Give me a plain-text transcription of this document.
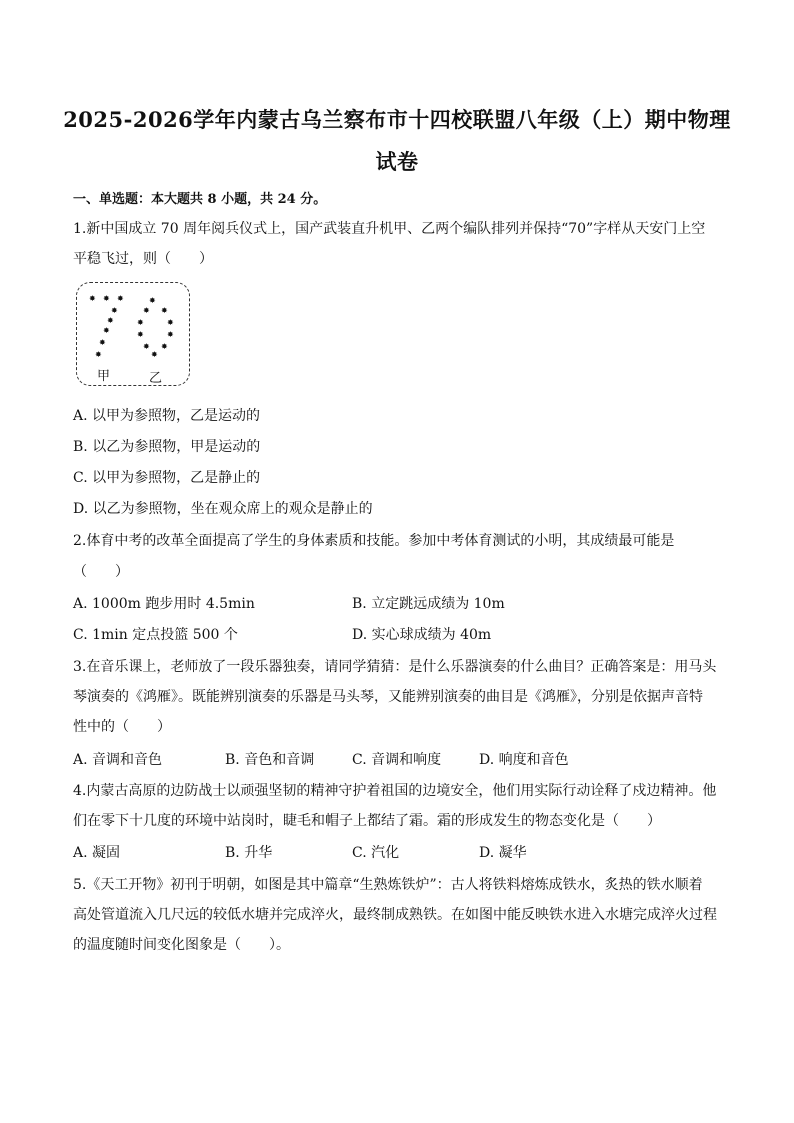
2025-2026学年内蒙古乌兰察布市十四校联盟八年级（上）期中物理
试卷
一、单选题：本大题共 8 小题，共 24 分。
1.新中国成立 70 周年阅兵仪式上，国产武装直升机甲、乙两个编队排列并保持“70”字样从天安门上空
平稳飞过，则（　　）
✸ ✸ ✸
✸
✸
✸
✸
✸
✸
✸ ✸
✸	✸
✸	✸
✸ ✸
✸
甲	乙
A. 以甲为参照物，乙是运动的
B. 以乙为参照物，甲是运动的
C. 以甲为参照物，乙是静止的
D. 以乙为参照物，坐在观众席上的观众是静止的
2.体育中考的改革全面提高了学生的身体素质和技能。参加中考体育测试的小明，其成绩最可能是
（　　）
A. 1000m 跑步用时 4.5min	B. 立定跳远成绩为 10m
C. 1min 定点投篮 500 个	D. 实心球成绩为 40m
3.在音乐课上，老师放了一段乐器独奏，请同学猜猜：是什么乐器演奏的什么曲目？正确答案是：用马头
琴演奏的《鸿雁》。既能辨别演奏的乐器是马头琴，又能辨别演奏的曲目是《鸿雁》，分别是依据声音特
性中的（　　）
A. 音调和音色	B. 音色和音调	C. 音调和响度	D. 响度和音色
4.内蒙古高原的边防战士以顽强坚韧的精神守护着祖国的边境安全，他们用实际行动诠释了戍边精神。他
们在零下十几度的环境中站岗时，睫毛和帽子上都结了霜。霜的形成发生的物态变化是（　　）
A. 凝固	B. 升华	C. 汽化	D. 凝华
5.《天工开物》初刊于明朝，如图是其中篇章“生熟炼铁炉”：古人将铁料熔炼成铁水，炙热的铁水顺着
高处管道流入几尺远的较低水塘并完成淬火，最终制成熟铁。在如图中能反映铁水进入水塘完成淬火过程
的温度随时间变化图象是（　　）。
